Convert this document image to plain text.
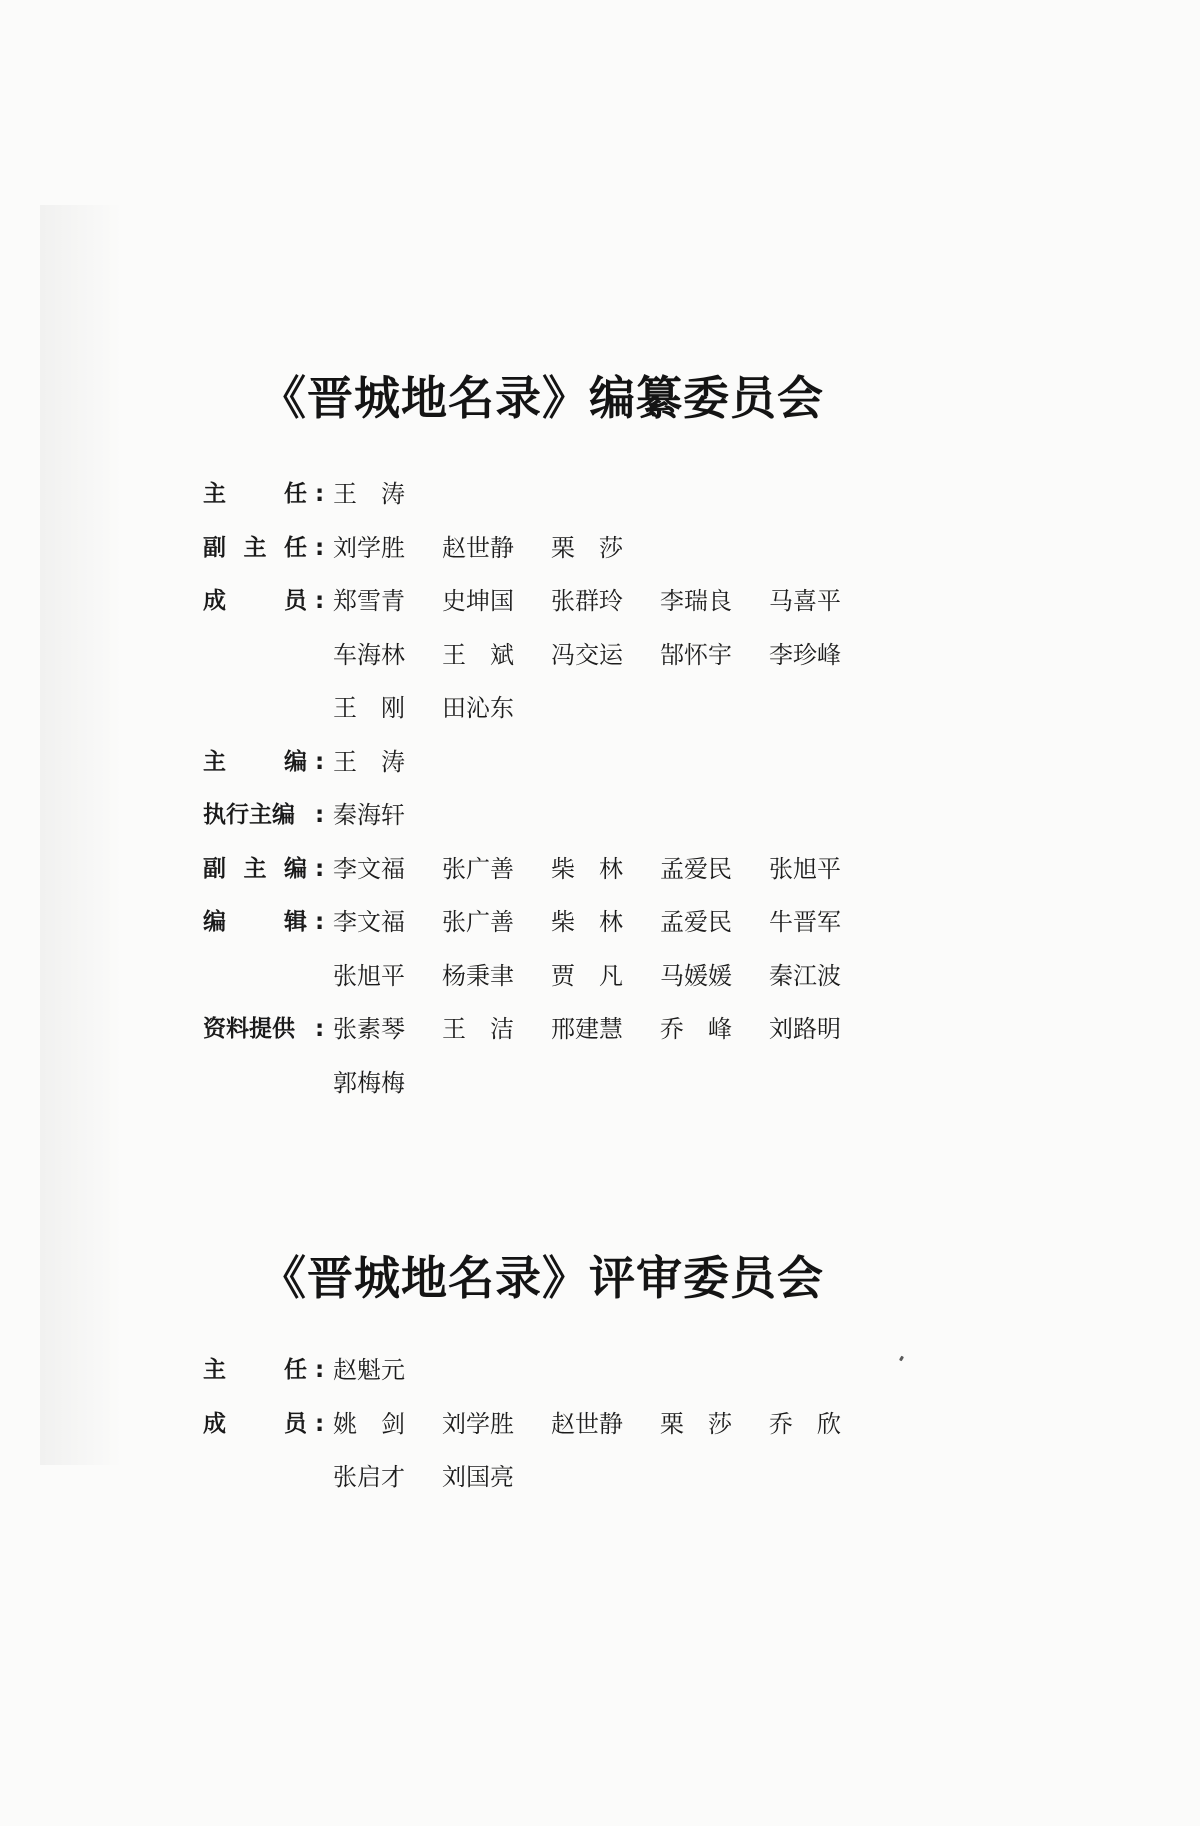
《晋城地名录》编纂委员会
主	任 : 王涛
副 主 任 : 刘学胜 赵世静 栗莎
成	员 : 郑雪青 史坤国 张群玲 李瑞良 马喜平
车海林 王斌 冯交运 郜怀宇 李珍峰
王刚 田沁东
主	编 : 王涛
执行主编 : 秦海轩
副 主 编 : 李文福 张广善 柴林 孟爱民 张旭平
编	辑 : 李文福 张广善 柴林 孟爱民 牛晋军
张旭平 杨秉聿 贾凡 马媛媛 秦江波
资料提供 : 张素琴 王洁 邢建慧 乔峰 刘路明
郭梅梅
《晋城地名录》评审委员会
主	任 : 赵魁元
成	员 : 姚剑 刘学胜 赵世静 栗莎 乔欣
张启才 刘国亮
